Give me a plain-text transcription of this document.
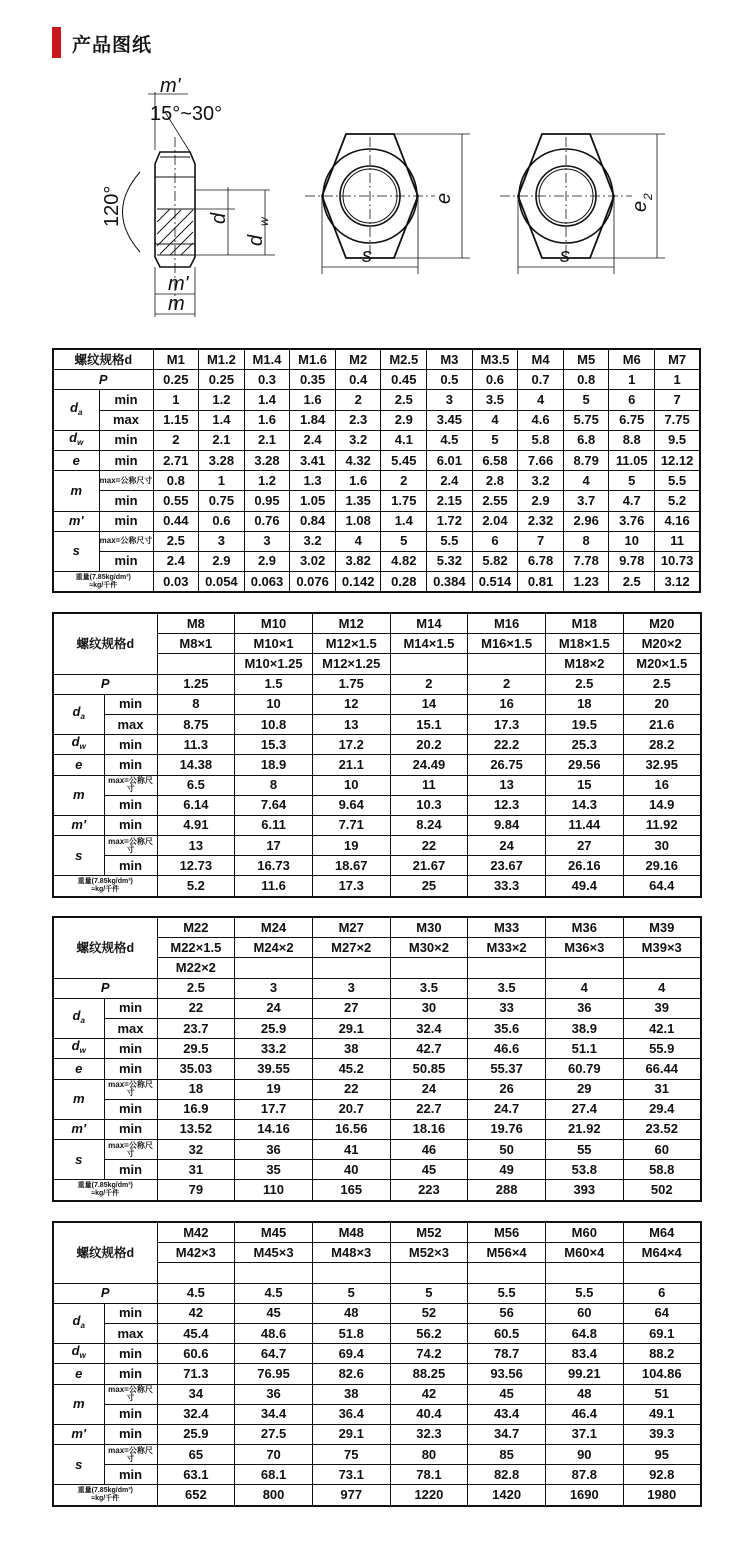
产品图纸
m'
15°~30°
120°	d
d
w
m'
m
e
s
e
2
s
螺纹规格d		M1	M1.2	M1.4	M1.6	M2	M2.5	M3	M3.5	M4	M5	M6	M7
P		0.25	0.25	0.3	0.35	0.4	0.45	0.5	0.6	0.7	0.8	1	1
$d_a$	min	1	1.2	1.4	1.6	2	2.5	3	3.5	4	5	6	7
	max	1.15	1.4	1.6	1.84	2.3	2.9	3.45	4	4.6	5.75	6.75	7.75
$d_w$	min	2	2.1	2.1	2.4	3.2	4.1	4.5	5	5.8	6.8	8.8	9.5
e	min	2.71	3.28	3.28	3.41	4.32	5.45	6.01	6.58	7.66	8.79	11.05	12.12
m	max=公称尺寸	0.8	1	1.2	1.3	1.6	2	2.4	2.8	3.2	4	5	5.5
	min	0.55	0.75	0.95	1.05	1.35	1.75	2.15	2.55	2.9	3.7	4.7	5.2
m'	min	0.44	0.6	0.76	0.84	1.08	1.4	1.72	2.04	2.32	2.96	3.76	4.16
s	max=公称尺寸	2.5	3	3	3.2	4	5	5.5	6	7	8	10	11
	min	2.4	2.9	2.9	3.02	3.82	4.82	5.32	5.82	6.78	7.78	9.78	10.73

重量(7.85kg/dm³)
≈kg/千件		0.03	0.054	0.063	0.076	0.142	0.28	0.384	0.514	0.81	1.23	2.5	3.12
螺纹规格d		M8	M10	M12	M14	M16	M18	M20
		M8×1	M10×1	M12×1.5	M14×1.5	M16×1.5	M18×1.5	M20×2
			M10×1.25	M12×1.25			M18×2	M20×1.5
P		1.25	1.5	1.75	2	2	2.5	2.5
$d_a$	min	8	10	12	14	16	18	20
	max	8.75	10.8	13	15.1	17.3	19.5	21.6
$d_w$	min	11.3	15.3	17.2	20.2	22.2	25.3	28.2
e	min	14.38	18.9	21.1	24.49	26.75	29.56	32.95
m	max=公称尺寸	6.5	8	10	11	13	15	16
	min	6.14	7.64	9.64	10.3	12.3	14.3	14.9
m'	min	4.91	6.11	7.71	8.24	9.84	11.44	11.92
s	max=公称尺寸	13	17	19	22	24	27	30
	min	12.73	16.73	18.67	21.67	23.67	26.16	29.16

重量(7.85kg/dm³)
≈kg/千件		5.2	11.6	17.3	25	33.3	49.4	64.4
螺纹规格d		M22	M24	M27	M30	M33	M36	M39
		M22×1.5	M24×2	M27×2	M30×2	M33×2	M36×3	M39×3
		M22×2						
P		2.5	3	3	3.5	3.5	4	4
$d_a$	min	22	24	27	30	33	36	39
	max	23.7	25.9	29.1	32.4	35.6	38.9	42.1
$d_w$	min	29.5	33.2	38	42.7	46.6	51.1	55.9
e	min	35.03	39.55	45.2	50.85	55.37	60.79	66.44
m	max=公称尺寸	18	19	22	24	26	29	31
	min	16.9	17.7	20.7	22.7	24.7	27.4	29.4
m'	min	13.52	14.16	16.56	18.16	19.76	21.92	23.52
s	max=公称尺寸	32	36	41	46	50	55	60
	min	31	35	40	45	49	53.8	58.8

重量(7.85kg/dm³)
≈kg/千件		79	110	165	223	288	393	502
螺纹规格d		M42	M45	M48	M52	M56	M60	M64
		M42×3	M45×3	M48×3	M52×3	M56×4	M60×4	M64×4

P		4.5	4.5	5	5	5.5	5.5	6
$d_a$	min	42	45	48	52	56	60	64
	max	45.4	48.6	51.8	56.2	60.5	64.8	69.1
$d_w$	min	60.6	64.7	69.4	74.2	78.7	83.4	88.2
e	min	71.3	76.95	82.6	88.25	93.56	99.21	104.86
m	max=公称尺寸	34	36	38	42	45	48	51
	min	32.4	34.4	36.4	40.4	43.4	46.4	49.1
m'	min	25.9	27.5	29.1	32.3	34.7	37.1	39.3
s	max=公称尺寸	65	70	75	80	85	90	95
	min	63.1	68.1	73.1	78.1	82.8	87.8	92.8

重量(7.85kg/dm³)
≈kg/千件		652	800	977	1220	1420	1690	1980
